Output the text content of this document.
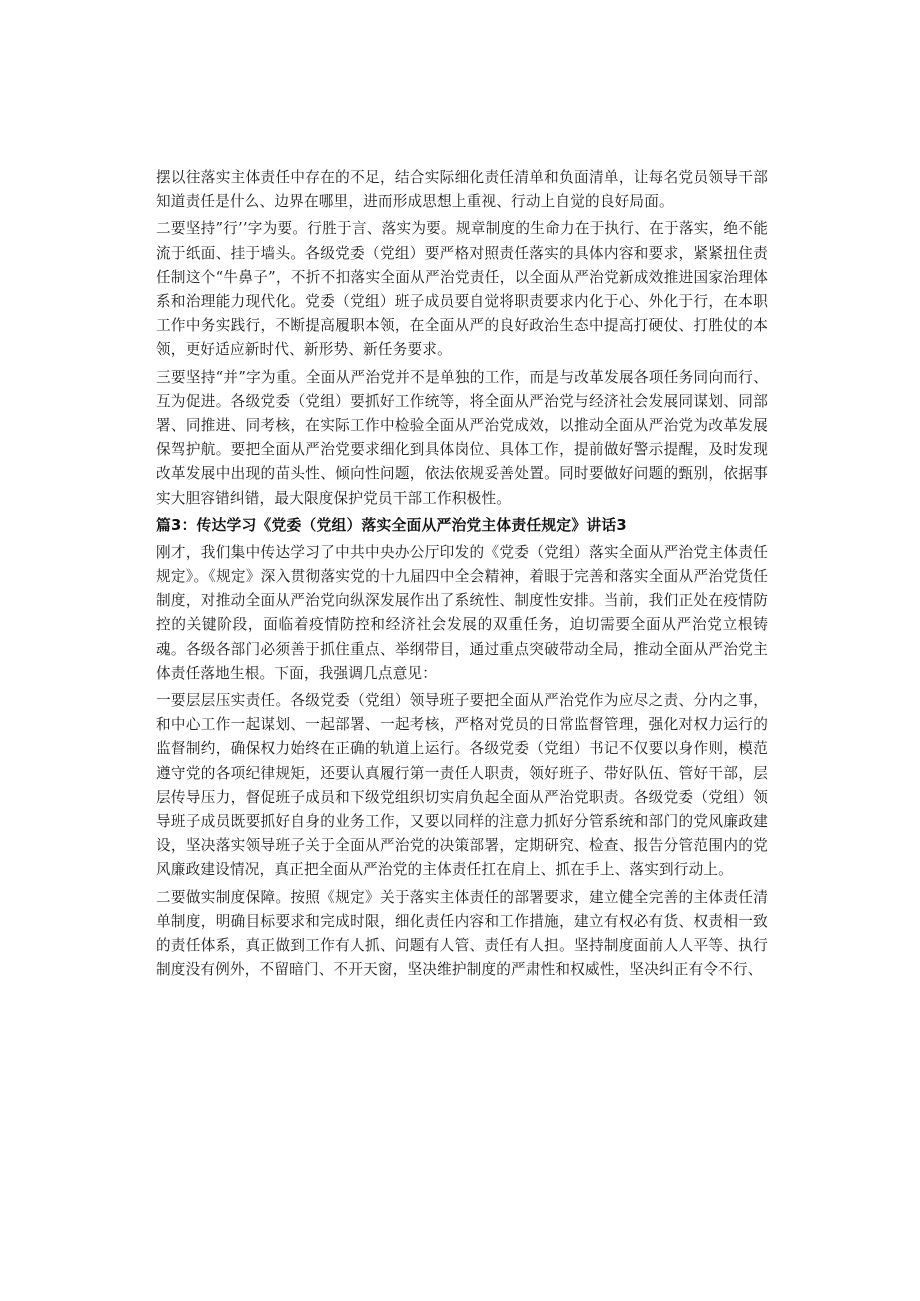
摆以往落实主体责任中存在的不足，结合实际细化责任清单和负面清单，让每名党员领导干部知道责任是什么、边界在哪里，进而形成思想上重视、行动上自觉的良好局面。

二要坚持”行’’字为要。行胜于言、落实为要。规章制度的生命力在于执行、在于落实，绝不能流于纸面、挂于墙头。各级党委（党组）要严格对照责任落实的具体内容和要求，紧紧扭住责任制这个“牛鼻子”，不折不扣落实全面从严治党责任，以全面从严治党新成效推进国家治理体系和治理能力现代化。党委（党组）班子成员要自觉将职责要求内化于心、外化于行，在本职工作中务实践行，不断提高履职本领，在全面从严的良好政治生态中提高打硬仗、打胜仗的本领，更好适应新时代、新形势、新任务要求。

三要坚持“并”字为重。全面从严治党并不是单独的工作，而是与改革发展各项任务同向而行、互为促进。各级党委（党组）要抓好工作统等，将全面从严治党与经济社会发展同谋划、同部署、同推进、同考核，在实际工作中检验全面从严治党成效，以推动全面从严治党为改革发展保驾护航。要把全面从严治党要求细化到具体岗位、具体工作，提前做好警示提醒，及时发现改革发展中出现的苗头性、倾向性问题，依法依规妥善处置。同时要做好问题的甄别，依据事实大胆容错纠错，最大限度保护党员干部工作积极性。

篇3：传达学习《党委（党组）落实全面从严治党主体责任规定》讲话3

刚才，我们集中传达学习了中共中央办公厅印发的《党委（党组）落实全面从严治党主体责任规定》。《规定》深入贯彻落实党的十九届四中全会精神，着眼于完善和落实全面从严治党货任制度，对推动全面从严治党向纵深发展作出了系统性、制度性安排。当前，我们正处在疫情防控的关键阶段，面临着疫情防控和经济社会发展的双重任务，迫切需要全面从严治党立根铸魂。各级各部门必须善于抓住重点、举纲带目，通过重点突破带动全局，推动全面从严治党主体责任落地生根。下面，我强调几点意见：

一要层层压实责任。各级党委（党组）领导班子要把全面从严治党作为应尽之责、分内之事，和中心工作一起谋划、一起部署、一起考核，严格对党员的日常监督管理，强化对权力运行的监督制约，确保权力始终在正确的轨道上运行。各级党委（党组）书记不仅要以身作则，模范遵守党的各项纪律规矩，还要认真履行第一责任人职责，领好班子、带好队伍、管好干部，层层传导压力，督促班子成员和下级党组织切实肩负起全面从严治党职责。各级党委（党组）领导班子成员既要抓好自身的业务工作，又要以同样的注意力抓好分管系统和部门的党风廉政建设，坚决落实领导班子关于全面从严治党的决策部署，定期研究、检查、报告分管范围内的党风廉政建设情况，真正把全面从严治党的主体责任扛在肩上、抓在手上、落实到行动上。

二要做实制度保障。按照《规定》关于落实主体责任的部署要求，建立健全完善的主体责任清单制度，明确目标要求和完成时限，细化责任内容和工作措施，建立有权必有货、权责相一致的责任体系，真正做到工作有人抓、问题有人管、责任有人担。坚持制度面前人人平等、执行制度没有例外，不留暗门、不开天窗，坚决维护制度的严肃性和权威性，坚决纠正有令不行、
